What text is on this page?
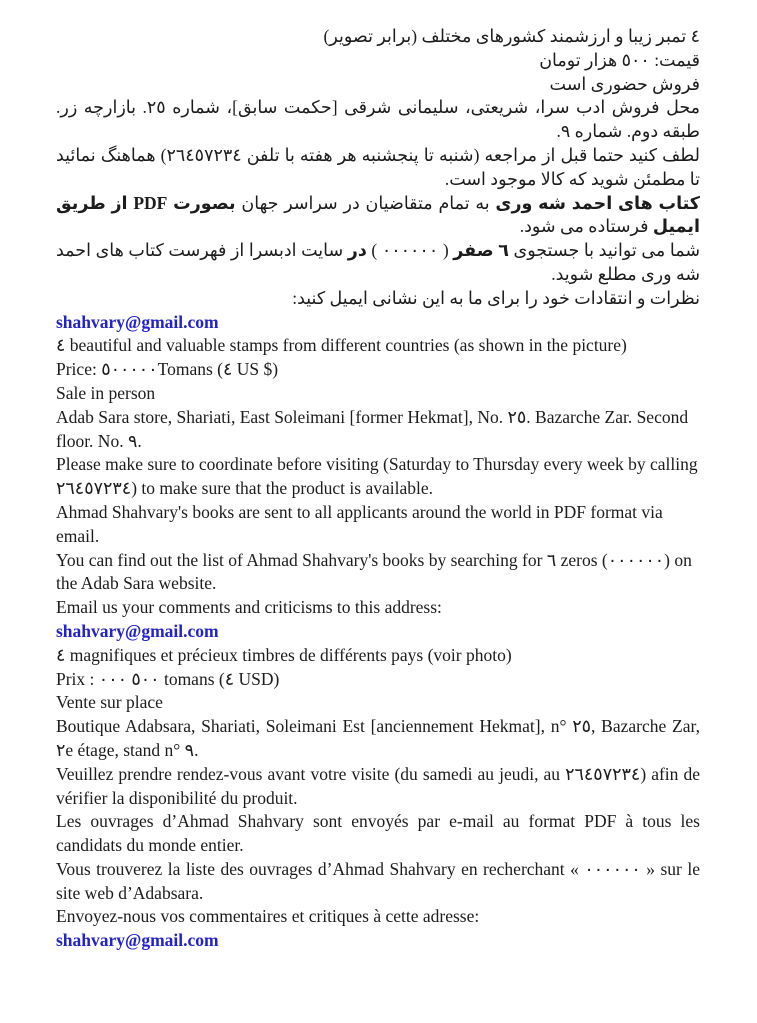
٤ تمبر زیبا و ارزشمند کشورهای مختلف (برابر تصویر)

قیمت: ٥٠٠ هزار تومان

فروش حضوری است

محل فروش ادب سرا، شریعتی، سلیمانی شرقی [حکمت سابق]، شماره ٢٥. بازارچه زر. طبقه دوم. شماره ٩.

لطف کنید حتما قبل از مراجعه (شنبه تا پنجشنبه هر هفته با تلفن ٢٦٤٥٧٢٣٤) هماهنگ نمائید تا مطمئن شوید که کالا موجود است.

کتاب های احمد شه وری به تمام متقاضیان در سراسر جهان بصورت PDF از طریق ایمیل فرستاده می شود.

شما می توانید با جستجوی ٦ صفر ( ٠٠٠٠٠٠ ) در سایت ادبسرا از فهرست کتاب های احمد شه وری مطلع شوید.

نظرات و انتقادات خود را برای ما به این نشانی ایمیل کنید:

shahvary@gmail.com

٤ beautiful and valuable stamps from different countries (as shown in the picture)

Price: ٥٠٠٠٠٠Tomans (٤ US $)

Sale in person

Adab Sara store, Shariati, East Soleimani [former Hekmat], No. ٢٥. Bazarche Zar. Second floor. No. ٩.

Please make sure to coordinate before visiting (Saturday to Thursday every week by calling ٢٦٤٥٧٢٣٤) to make sure that the product is available.

Ahmad Shahvary's books are sent to all applicants around the world in PDF format via email.

You can find out the list of Ahmad Shahvary's books by searching for ٦ zeros (٠٠٠٠٠٠) on the Adab Sara website.

Email us your comments and criticisms to this address:

shahvary@gmail.com

٤ magnifiques et précieux timbres de différents pays (voir photo)

Prix : ٥٠٠ ٠٠٠ tomans (٤ USD)

Vente sur place

Boutique Adabsara, Shariati, Soleimani Est [anciennement Hekmat], n° ٢٥, Bazarche Zar, ٢e étage, stand n° ٩.

Veuillez prendre rendez-vous avant votre visite (du samedi au jeudi, au ٢٦٤٥٧٢٣٤) afin de vérifier la disponibilité du produit.

Les ouvrages d’Ahmad Shahvary sont envoyés par e-mail au format PDF à tous les candidats du monde entier.

Vous trouverez la liste des ouvrages d’Ahmad Shahvary en recherchant « ٠٠٠٠٠٠ » sur le site web d’Adabsara.

Envoyez-nous vos commentaires et critiques à cette adresse:

shahvary@gmail.com
